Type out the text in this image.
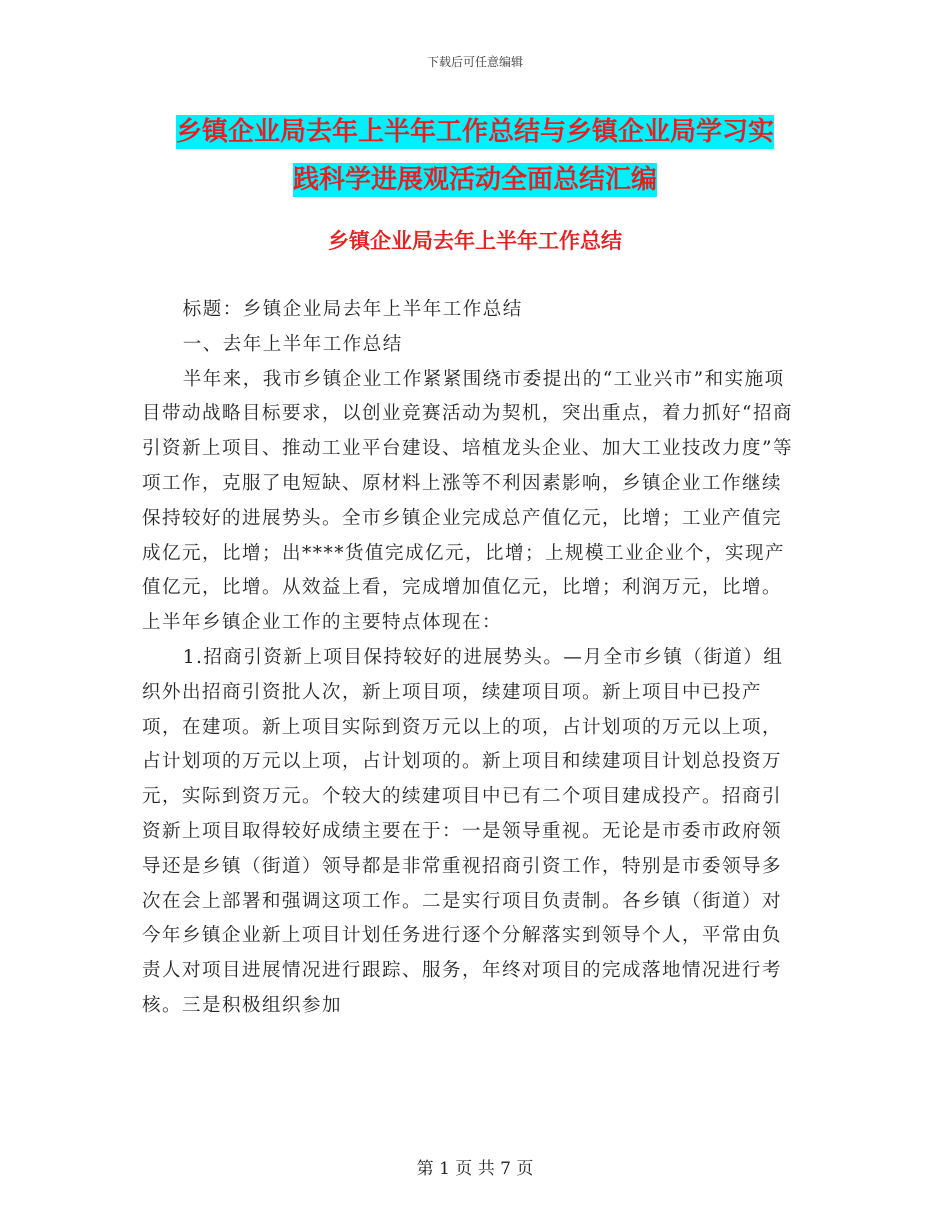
下载后可任意编辑
乡镇企业局去年上半年工作总结与乡镇企业局学习实
践科学进展观活动全面总结汇编
乡镇企业局去年上半年工作总结

标题：乡镇企业局去年上半年工作总结

一、去年上半年工作总结

半年来，我市乡镇企业工作紧紧围绕市委提出的“工业兴市”和实施项目带动战略目标要求，以创业竞赛活动为契机，突出重点，着力抓好“招商引资新上项目、推动工业平台建设、培植龙头企业、加大工业技改力度”等项工作，克服了电短缺、原材料上涨等不利因素影响，乡镇企业工作继续保持较好的进展势头。全市乡镇企业完成总产值亿元，比增；工业产值完成亿元，比增；出****货值完成亿元，比增；上规模工业企业个，实现产值亿元，比增。从效益上看，完成增加值亿元，比增；利润万元，比增。上半年乡镇企业工作的主要特点体现在：

1.招商引资新上项目保持较好的进展势头。—月全市乡镇（街道）组织外出招商引资批人次，新上项目项，续建项目项。新上项目中已投产项，在建项。新上项目实际到资万元以上的项，占计划项的万元以上项，占计划项的万元以上项，占计划项的。新上项目和续建项目计划总投资万元，实际到资万元。个较大的续建项目中已有二个项目建成投产。招商引资新上项目取得较好成绩主要在于：一是领导重视。无论是市委市政府领导还是乡镇（街道）领导都是非常重视招商引资工作，特别是市委领导多次在会上部署和强调这项工作。二是实行项目负责制。各乡镇（街道）对今年乡镇企业新上项目计划任务进行逐个分解落实到领导个人，平常由负责人对项目进展情况进行跟踪、服务，年终对项目的完成落地情况进行考核。三是积极组织参加

第 1 页 共 7 页
